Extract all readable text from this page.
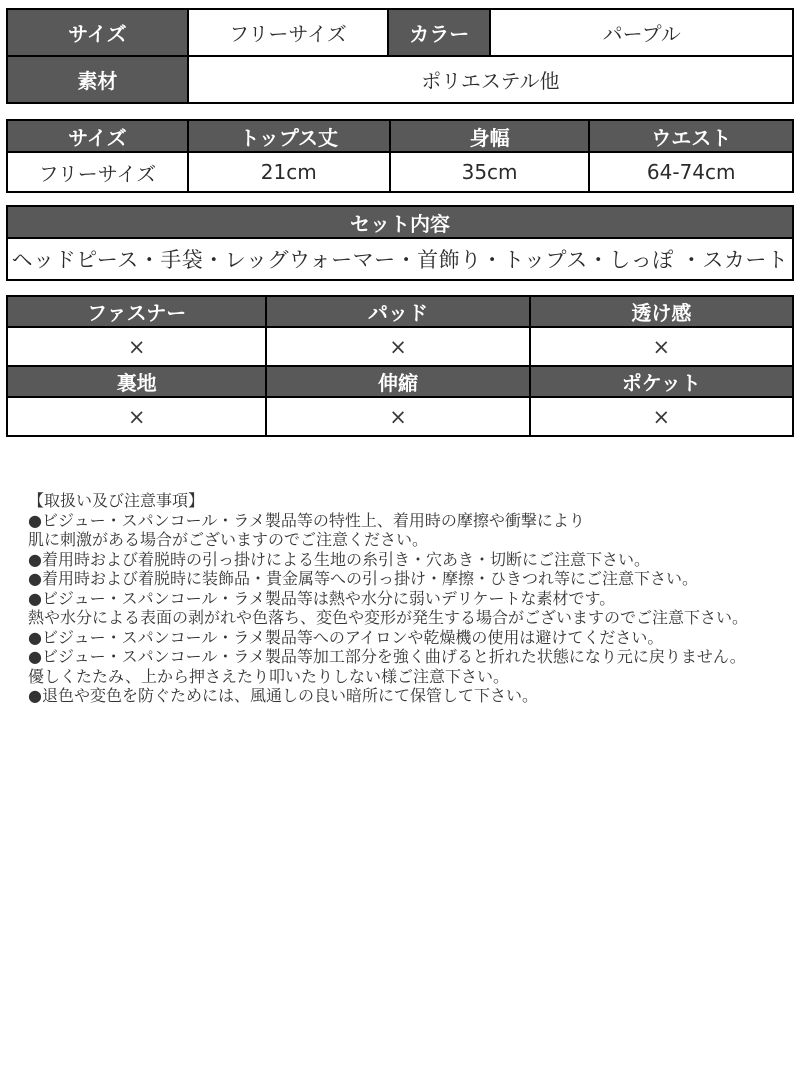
サイズ	フリーサイズ	カラー	パープル
素材	ポリエステル他		
サイズ	トップス丈	身幅	ウエスト
フリーサイズ	21cm	35cm	64-74cm
セット内容
ヘッドピース・手袋・レッグウォーマー・首飾り・トップス・しっぽ ・スカート
ファスナー	パッド	透け感
×	×	×
裏地	伸縮	ポケット
×	×	×
【取扱い及び注意事項】
●ビジュー・スパンコール・ラメ製品等の特性上、着用時の摩擦や衝撃により
肌に刺激がある場合がございますのでご注意ください。
●着用時および着脱時の引っ掛けによる生地の糸引き・穴あき・切断にご注意下さい。
●着用時および着脱時に装飾品・貴金属等への引っ掛け・摩擦・ひきつれ等にご注意下さい。
●ビジュー・スパンコール・ラメ製品等は熱や水分に弱いデリケートな素材です。
熱や水分による表面の剥がれや色落ち、変色や変形が発生する場合がございますのでご注意下さい。
●ビジュー・スパンコール・ラメ製品等へのアイロンや乾燥機の使用は避けてください。
●ビジュー・スパンコール・ラメ製品等加工部分を強く曲げると折れた状態になり元に戻りません。
優しくたたみ、上から押さえたり叩いたりしない様ご注意下さい。
●退色や変色を防ぐためには、風通しの良い暗所にて保管して下さい。
